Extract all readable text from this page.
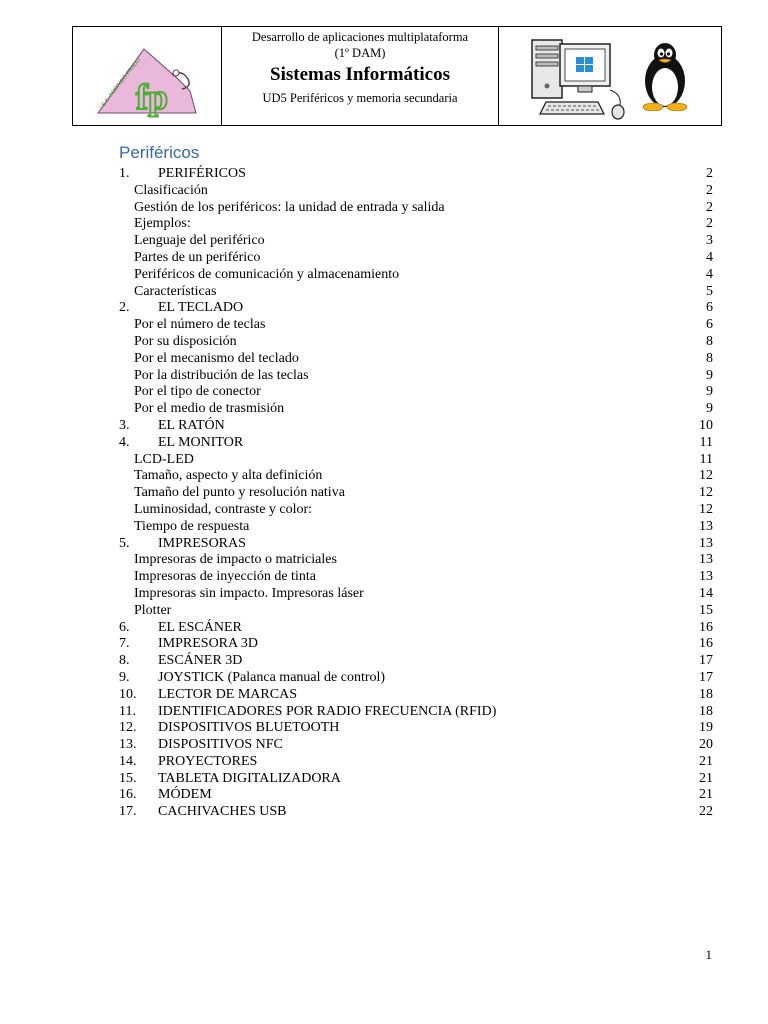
I.E.S. RODRIGO PRADO
fp
Desarrollo de aplicaciones multiplataforma
(1º DAM)
Sistemas Informáticos
UD5 Periféricos y memoria secundaria
Periféricos
1. PERIFÉRICOS	2
Clasificación	2
Gestión de los periféricos: la unidad de entrada y salida	2
Ejemplos:	2
Lenguaje del periférico	3
Partes de un periférico	4
Periféricos de comunicación y almacenamiento	4
Características	5
2. EL TECLADO	6
Por el número de teclas	6
Por su disposición	8
Por el mecanismo del teclado	8
Por la distribución de las teclas	9
Por el tipo de conector	9
Por el medio de trasmisión	9
3. EL RATÓN	10
4. EL MONITOR	11
LCD-LED	11
Tamaño, aspecto y alta definición	12
Tamaño del punto y resolución nativa	12
Luminosidad, contraste y color:	12
Tiempo de respuesta	13
5. IMPRESORAS	13
Impresoras de impacto o matriciales	13
Impresoras de inyección de tinta	13
Impresoras sin impacto. Impresoras láser	14
Plotter	15
6. EL ESCÁNER	16
7. IMPRESORA 3D	16
8. ESCÁNER 3D	17
9. JOYSTICK (Palanca manual de control)	17
10. LECTOR DE MARCAS	18
11. IDENTIFICADORES POR RADIO FRECUENCIA (RFID)	18
12. DISPOSITIVOS BLUETOOTH	19
13. DISPOSITIVOS NFC	20
14. PROYECTORES	21
15. TABLETA DIGITALIZADORA	21
16. MÓDEM	21
17. CACHIVACHES USB	22
1
